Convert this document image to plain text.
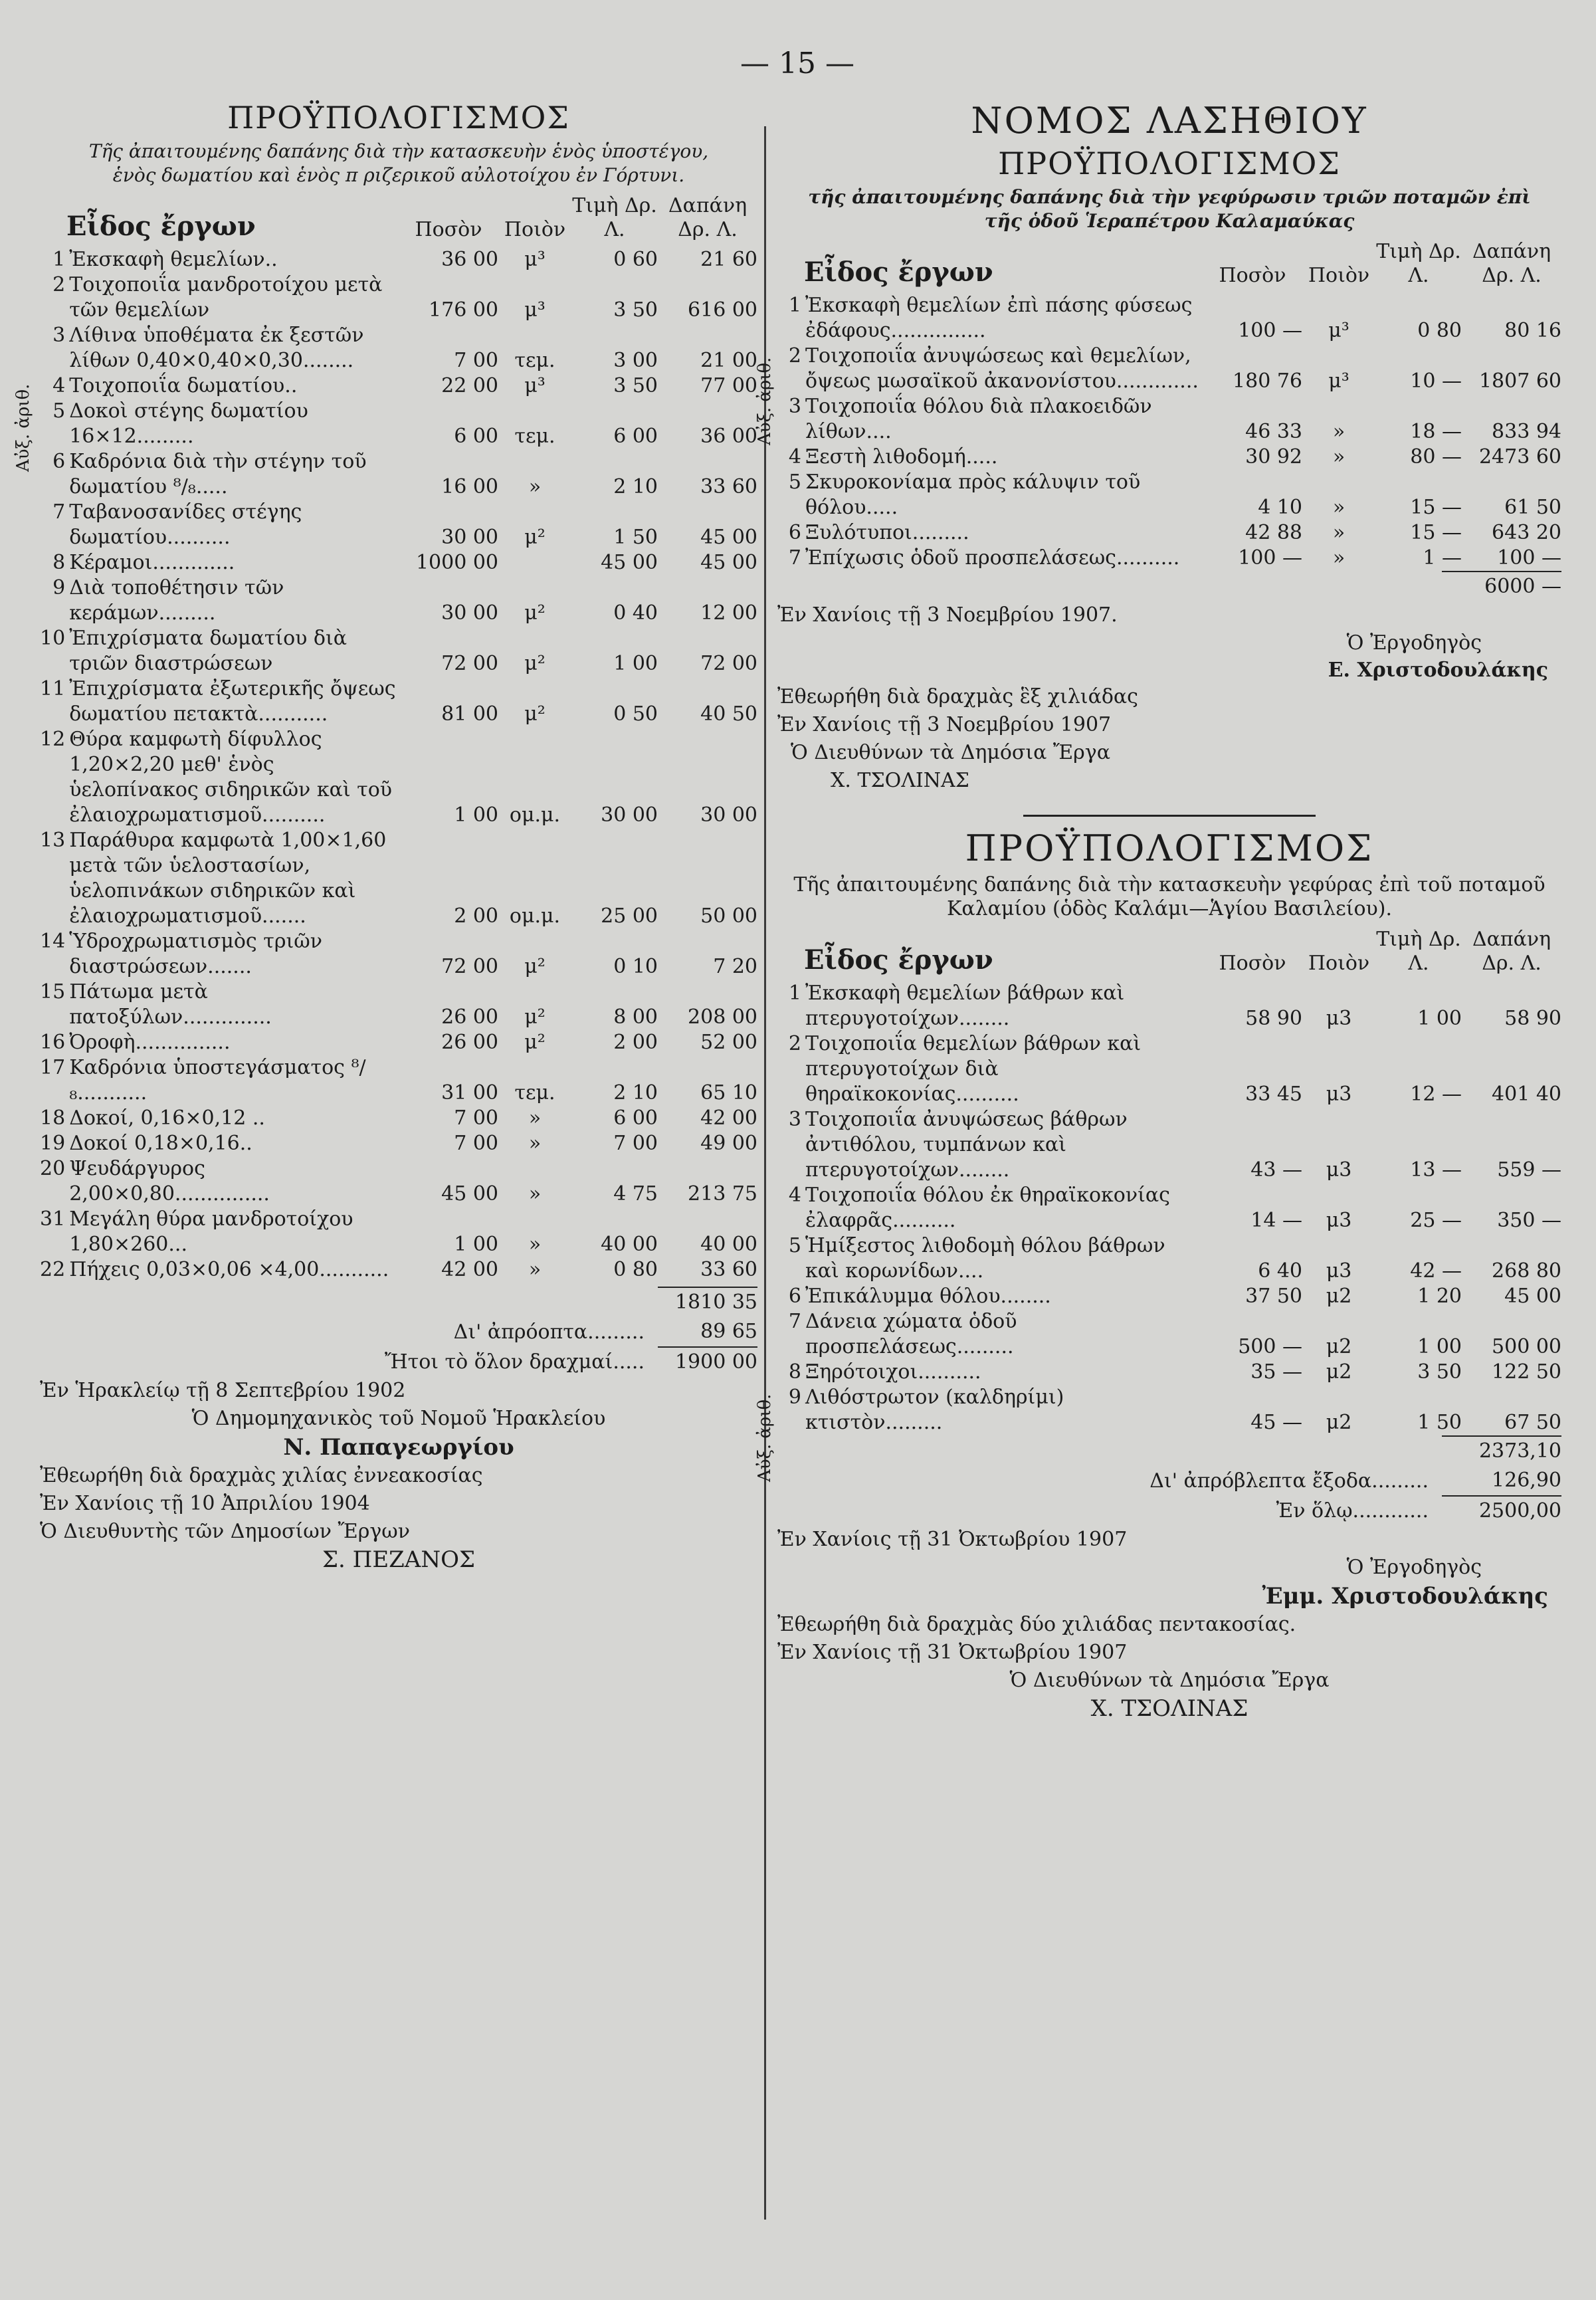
— 15 —
ΠΡΟΫΠΟΛΟΓΙΣΜΟΣ
Τῆς ἀπαιτουμένης δαπάνης διὰ τὴν κατασκευὴν ἑνὸς ὑποστέγου, ἑνὸς δωματίου καὶ ἑνὸς π ριζερικοῦ αὐλοτοίχου ἐν Γόρτυνι.
Εἶδος ἔργων	Ποσὸν	Ποιὸν
Τιμὴ Δρ. Λ.
Δαπάνη Δρ. Λ.
Αὐξ. ἀριθ.
1	Ἐκσκαφὴ θεμελίων..	36 00	μ³	0 60	21 60
2	Τοιχοποιΐα μανδροτοίχου μετὰ τῶν θεμελίων	176 00	μ³	3 50	616 00
3	Λίθινα ὑποθέματα ἐκ ξεστῶν λίθων 0,40×0,40×0,30........	7 00	τεμ.	3 00	21 00
4	Τοιχοποιΐα δωματίου..	22 00	μ³	3 50	77 00
5	Δοκοὶ στέγης δωματίου 16×12.........	6 00	τεμ.	6 00	36 00
6	Καδρόνια διὰ τὴν στέγην τοῦ δωματίου ⁸/₈.....	16 00	»	2 10	33 60
7	Ταβανοσανίδες στέγης δωματίου..........	30 00	μ²	1 50	45 00
8	Κέραμοι.............	1000 00		45 00	45 00
9	Διὰ τοποθέτησιν τῶν κεράμων.........	30 00	μ²	0 40	12 00
10	Ἐπιχρίσματα δωματίου διὰ τριῶν διαστρώσεων	72 00	μ²	1 00	72 00
11	Ἐπιχρίσματα ἐξωτερικῆς ὄψεως δωματίου πετακτὰ...........	81 00	μ²	0 50	40 50
12	Θύρα καμφωτὴ δίφυλλος 1,20×2,20 μεθ' ἑνὸς ὑελοπίνακος σιδηρικῶν καὶ τοῦ ἐλαιοχρωματισμοῦ..........	1 00	ομ.μ.	30 00	30 00
13	Παράθυρα καμφωτὰ 1,00×1,60 μετὰ τῶν ὑελοστασίων, ὑελοπινάκων σιδηρικῶν καὶ ἐλαιοχρωματισμοῦ.......	2 00	ομ.μ.	25 00	50 00
14	Ὑδροχρωματισμὸς τριῶν διαστρώσεων.......	72 00	μ²	0 10	7 20
15	Πάτωμα μετὰ πατοξύλων..............	26 00	μ²	8 00	208 00
16	Ὀροφὴ...............	26 00	μ²	2 00	52 00
17	Καδρόνια ὑποστεγάσματος ⁸/₈...........	31 00	τεμ.	2 10	65 10
18	Δοκοί, 0,16×0,12 ..	7 00	»	6 00	42 00
19	Δοκοί 0,18×0,16..	7 00	»	7 00	49 00
20	Ψευδάργυρος 2,00×0,80...............	45 00	»	4 75	213 75
31	Μεγάλη θύρα μανδροτοίχου 1,80×260...	1 00	»	40 00	40 00
22	Πήχεις 0,03×0,06 ×4,00...........	42 00	»	0 80	33 60
	1810 35
Δι' ἀπρόοπτα.........	89 65
Ἤτοι τὸ ὅλον δραχμαί.....	1900 00

Ἐν Ἡρακλείῳ τῇ 8 Σεπτεβρίου 1902

Ὁ Δημομηχανικὸς τοῦ Νομοῦ Ἡρακλείου

Ν. Παπαγεωργίου

Ἐθεωρήθη διὰ δραχμὰς χιλίας ἐννεακοσίας

Ἐν Χανίοις τῇ 10 Ἀπριλίου 1904

Ὁ Διευθυντὴς τῶν Δημοσίων Ἔργων

Σ. ΠΕΖΑΝΟΣ

ΝΟΜΟΣ ΛΑΣΗΘΙΟΥ
ΠΡΟΫΠΟΛΟΓΙΣΜΟΣ
τῆς ἀπαιτουμένης δαπάνης διὰ τὴν γεφύρωσιν τριῶν ποταμῶν ἐπὶ τῆς ὁδοῦ Ἱεραπέτρου Καλαμαύκας
Εἶδος ἔργων	Ποσὸν	Ποιὸν
Τιμὴ Δρ. Λ.
Δαπάνη Δρ. Λ.
Αὐξ. ἀριθ.
1	Ἐκσκαφὴ θεμελίων ἐπὶ πάσης φύσεως ἐδάφους...............	100 —	μ³	0 80	80 16
2	Τοιχοποιΐα ἀνυψώσεως καὶ θεμελίων, ὄψεως μωσαϊκοῦ ἀκανονίστου.............	180 76	μ³	10 —	1807 60
3	Τοιχοποιΐα θόλου διὰ πλακοειδῶν λίθων....	46 33	»	18 —	833 94
4	Ξεστὴ λιθοδομή.....	30 92	»	80 —	2473 60
5	Σκυροκονίαμα πρὸς κάλυψιν τοῦ θόλου.....	4 10	»	15 —	61 50
6	Ξυλότυποι.........	42 88	»	15 —	643 20
7	Ἐπίχωσις ὁδοῦ προσπελάσεως..........	100 —	»	1 —	100 —
	6000 —

Ἐν Χανίοις τῇ 3 Νοεμβρίου 1907.

Ὁ Ἐργοδηγὸς

Ε. Χριστοδουλάκης

Ἐθεωρήθη διὰ δραχμὰς ἓξ χιλιάδας

Ἐν Χανίοις τῇ 3 Νοεμβρίου 1907

Ὁ Διευθύνων τὰ Δημόσια Ἔργα

Χ. ΤΣΟΛΙΝΑΣ

ΠΡΟΫΠΟΛΟΓΙΣΜΟΣ
Τῆς ἀπαιτουμένης δαπάνης διὰ τὴν κατασκευὴν γεφύρας ἐπὶ τοῦ ποταμοῦ Καλαμίου (ὁδὸς Καλάμι—Ἁγίου Βασιλείου).
Εἶδος ἔργων	Ποσὸν	Ποιὸν
Τιμὴ Δρ. Λ.
Δαπάνη Δρ. Λ.
Αὐξ. ἀριθ.
1	Ἐκσκαφὴ θεμελίων βάθρων καὶ πτερυγοτοίχων........	58 90	μ3	1 00	58 90
2	Τοιχοποιΐα θεμελίων βάθρων καὶ πτερυγοτοίχων διὰ θηραϊκοκονίας..........	33 45	μ3	12 —	401 40
3	Τοιχοποιΐα ἀνυψώσεως βάθρων ἀντιθόλου, τυμπάνων καὶ πτερυγοτοίχων........	43 —	μ3	13 —	559 —
4	Τοιχοποιΐα θόλου ἐκ θηραϊκοκονίας ἐλαφρᾶς..........	14 —	μ3	25 —	350 —
5	Ἡμίξεστος λιθοδομὴ θόλου βάθρων καὶ κορωνίδων....	6 40	μ3	42 —	268 80
6	Ἐπικάλυμμα θόλου........	37 50	μ2	1 20	45 00
7	Δάνεια χώματα ὁδοῦ προσπελάσεως.........	500 —	μ2	1 00	500 00
8	Ξηρότοιχοι..........	35 —	μ2	3 50	122 50
9	Λιθόστρωτον (καλδηρίμι) κτιστὸν.........	45 —	μ2	1 50	67 50
	2373,10
Δι' ἀπρόβλεπτα ἔξοδα.........	126,90
Ἐν ὅλῳ............	2500,00

Ἐν Χανίοις τῇ 31 Ὀκτωβρίου 1907

Ὁ Ἐργοδηγὸς

Ἐμμ. Χριστοδουλάκης

Ἐθεωρήθη διὰ δραχμὰς δύο χιλιάδας πεντακοσίας.

Ἐν Χανίοις τῇ 31 Ὀκτωβρίου 1907

Ὁ Διευθύνων τὰ Δημόσια Ἔργα

Χ. ΤΣΟΛΙΝΑΣ
